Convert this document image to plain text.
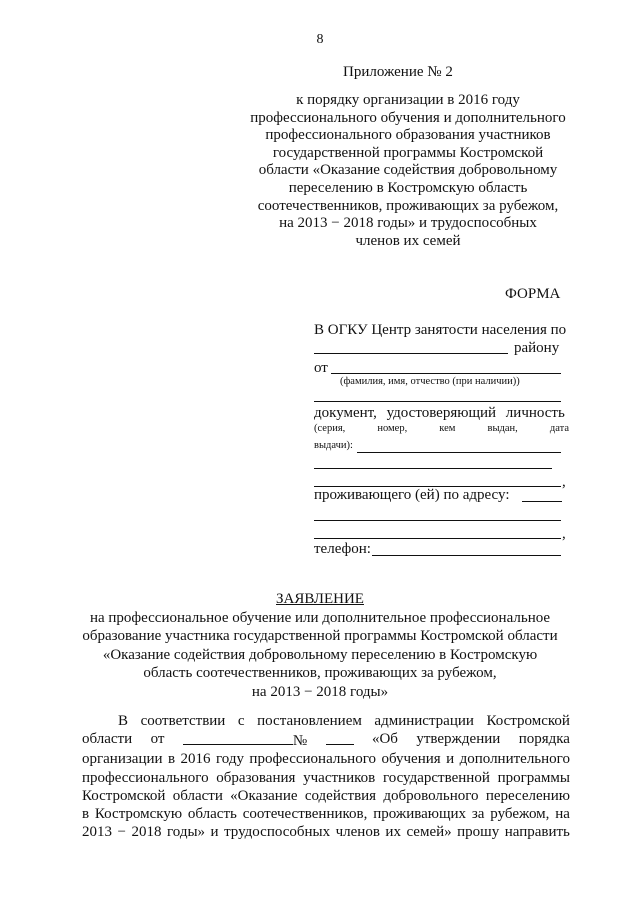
8
Приложение № 2
к порядку организации в 2016 году
профессионального обучения и дополнительного
профессионального образования участников
государственной программы Костромской
области «Оказание содействия добровольному
переселению в Костромскую область
соотечественников, проживающих за рубежом,
на 2013 − 2018 годы» и трудоспособных
членов их семей
ФОРМА
В ОГКУ Центр занятости населения по
району
от
(фамилия, имя, отчество (при наличии))
документ, удостоверяющий личность
(серия,	номер,	кем	выдан,	дата
выдачи):
,
проживающего (ей) по адресу:
,
телефон:
ЗАЯВЛЕНИЕ
на профессиональное обучение или дополнительное профессиональное
образование участника государственной программы Костромской области
«Оказание содействия добровольному переселению в Костромскую
область соотечественников, проживающих за рубежом,
на 2013 − 2018 годы»
В соответствии с постановлением администрации Костромской
области от	№	«Об утверждении порядка
организации в 2016 году профессионального обучения и дополнительного
профессионального образования участников государственной программы
Костромской области «Оказание содействия добровольного переселению
в Костромскую область соотечественников, проживающих за рубежом, на
2013 − 2018 годы» и трудоспособных членов их семей» прошу направить
